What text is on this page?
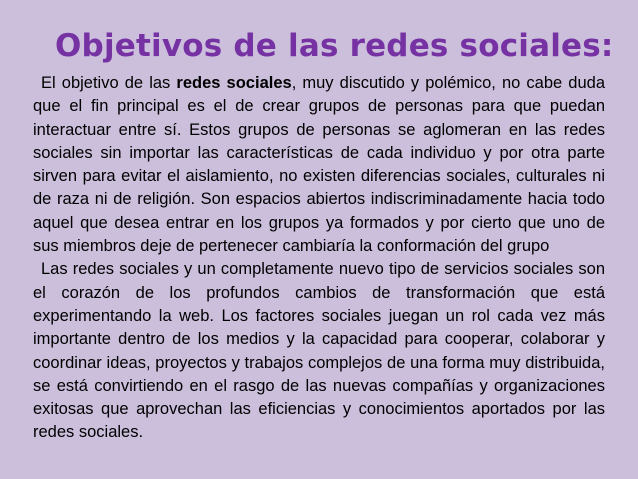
Objetivos de las redes sociales:

El objetivo de las redes sociales, muy discutido y polémico, no cabe duda que el fin principal es el de crear grupos de personas para que puedan interactuar entre sí. Estos grupos de personas se aglomeran en las redes sociales sin importar las características de cada individuo y por otra parte sirven para evitar el aislamiento, no existen diferencias sociales, culturales ni de raza ni de religión. Son espacios abiertos indiscriminadamente hacia todo aquel que desea entrar en los grupos ya formados y por cierto que uno de sus miembros deje de pertenecer cambiaría la conformación del grupo

Las redes sociales y un completamente nuevo tipo de servicios sociales son el corazón de los profundos cambios de transformación que está experimentando la web. Los factores sociales juegan un rol cada vez más importante dentro de los medios y la capacidad para cooperar, colaborar y coordinar ideas, proyectos y trabajos complejos de una forma muy distribuida, se está convirtiendo en el rasgo de las nuevas compañías y organizaciones exitosas que aprovechan las eficiencias y conocimientos aportados por las redes sociales.
